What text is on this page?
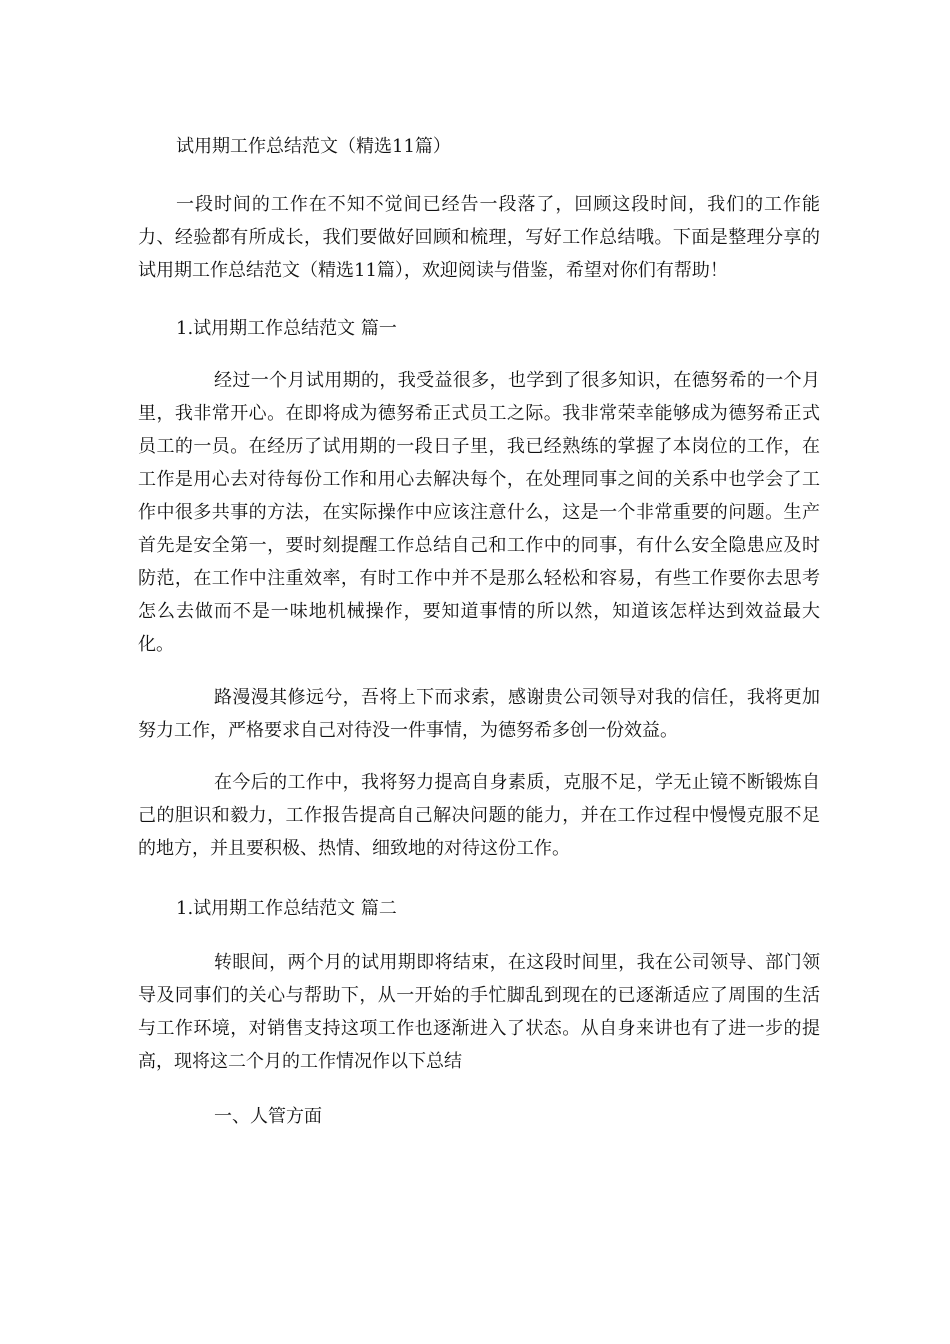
试用期工作总结范文（精选11篇）

一段时间的工作在不知不觉间已经告一段落了，回顾这段时间，我们的工作能力、经验都有所成长，我们要做好回顾和梳理，写好工作总结哦。下面是整理分享的试用期工作总结范文（精选11篇），欢迎阅读与借鉴，希望对你们有帮助！

1.试用期工作总结范文 篇一

经过一个月试用期的，我受益很多，也学到了很多知识，在德努希的一个月里，我非常开心。在即将成为德努希正式员工之际。我非常荣幸能够成为德努希正式员工的一员。在经历了试用期的一段日子里，我已经熟练的掌握了本岗位的工作，在工作是用心去对待每份工作和用心去解决每个，在处理同事之间的关系中也学会了工作中很多共事的方法，在实际操作中应该注意什么，这是一个非常重要的问题。生产首先是安全第一，要时刻提醒工作总结自己和工作中的同事，有什么安全隐患应及时防范，在工作中注重效率，有时工作中并不是那么轻松和容易，有些工作要你去思考怎么去做而不是一味地机械操作，要知道事情的所以然，知道该怎样达到效益最大化。

路漫漫其修远兮，吾将上下而求索，感谢贵公司领导对我的信任，我将更加努力工作，严格要求自己对待没一件事情，为德努希多创一份效益。

在今后的工作中，我将努力提高自身素质，克服不足，学无止镜不断锻炼自己的胆识和毅力，工作报告提高自己解决问题的能力，并在工作过程中慢慢克服不足的地方，并且要积极、热情、细致地的对待这份工作。

1.试用期工作总结范文 篇二

转眼间，两个月的试用期即将结束，在这段时间里，我在公司领导、部门领导及同事们的关心与帮助下，从一开始的手忙脚乱到现在的已逐渐适应了周围的生活与工作环境，对销售支持这项工作也逐渐进入了状态。从自身来讲也有了进一步的提高，现将这二个月的工作情况作以下总结

一、人管方面
